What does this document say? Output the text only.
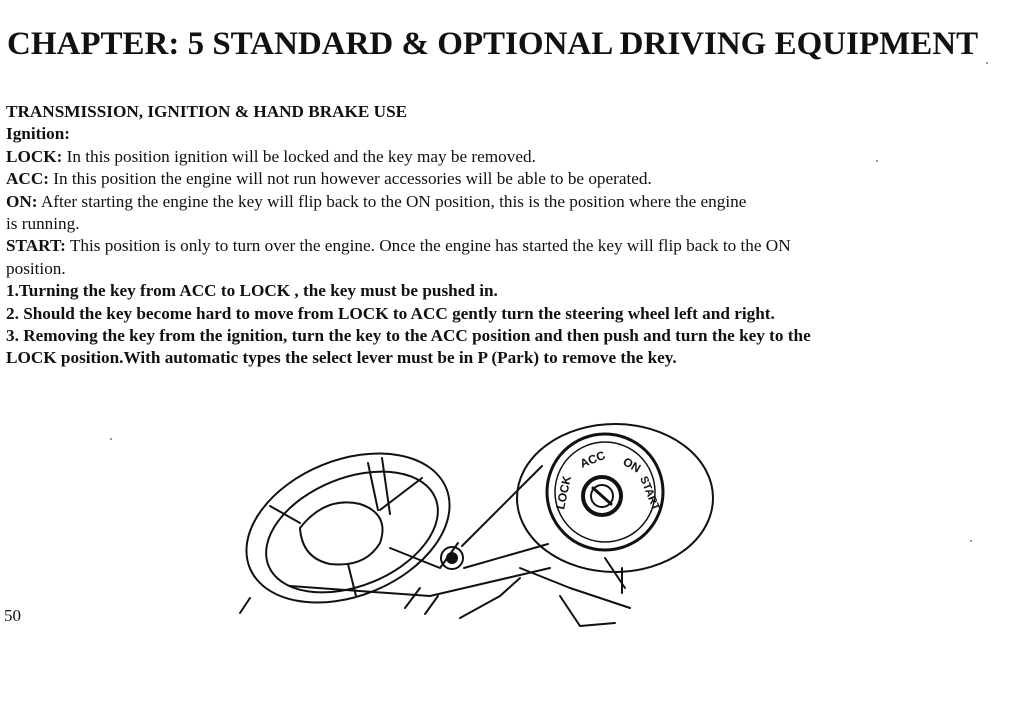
CHAPTER: 5 STANDARD & OPTIONAL DRIVING EQUIPMENT

TRANSMISSION, IGNITION & HAND BRAKE USE

Ignition:

LOCK: In this position ignition will be locked and the key may be removed.

ACC: In this position the engine will not run however accessories will be able to be operated.

ON: After starting the engine the key will flip back to the ON position, this is the position where the engine

is running.

START: This position is only to turn over the engine. Once the engine has started the key will flip back to the ON

position.

1.Turning the key from ACC to LOCK , the key must be pushed in.

2. Should the key become hard to move from LOCK to ACC gently turn the steering wheel left and right.

3. Removing the key from the ignition, turn the key to the ACC position and then push and turn the key to the

LOCK position.With automatic types the select lever must be in P (Park) to remove the key.

LOCK
ACC ON
START
50
